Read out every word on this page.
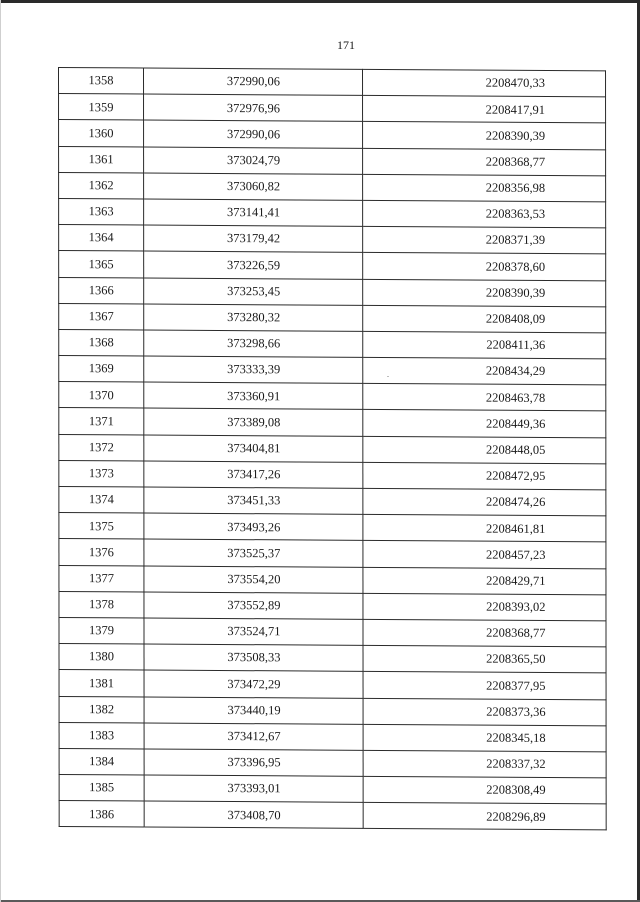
171
1358	372990,06	2208470,33
1359	372976,96	2208417,91
1360	372990,06	2208390,39
1361	373024,79	2208368,77
1362	373060,82	2208356,98
1363	373141,41	2208363,53
1364	373179,42	2208371,39
1365	373226,59	2208378,60
1366	373253,45	2208390,39
1367	373280,32	2208408,09
1368	373298,66	2208411,36
1369	373333,39	2208434,29
1370	373360,91	2208463,78
1371	373389,08	2208449,36
1372	373404,81	2208448,05
1373	373417,26	2208472,95
1374	373451,33	2208474,26
1375	373493,26	2208461,81
1376	373525,37	2208457,23
1377	373554,20	2208429,71
1378	373552,89	2208393,02
1379	373524,71	2208368,77
1380	373508,33	2208365,50
1381	373472,29	2208377,95
1382	373440,19	2208373,36
1383	373412,67	2208345,18
1384	373396,95	2208337,32
1385	373393,01	2208308,49
1386	373408,70	2208296,89
